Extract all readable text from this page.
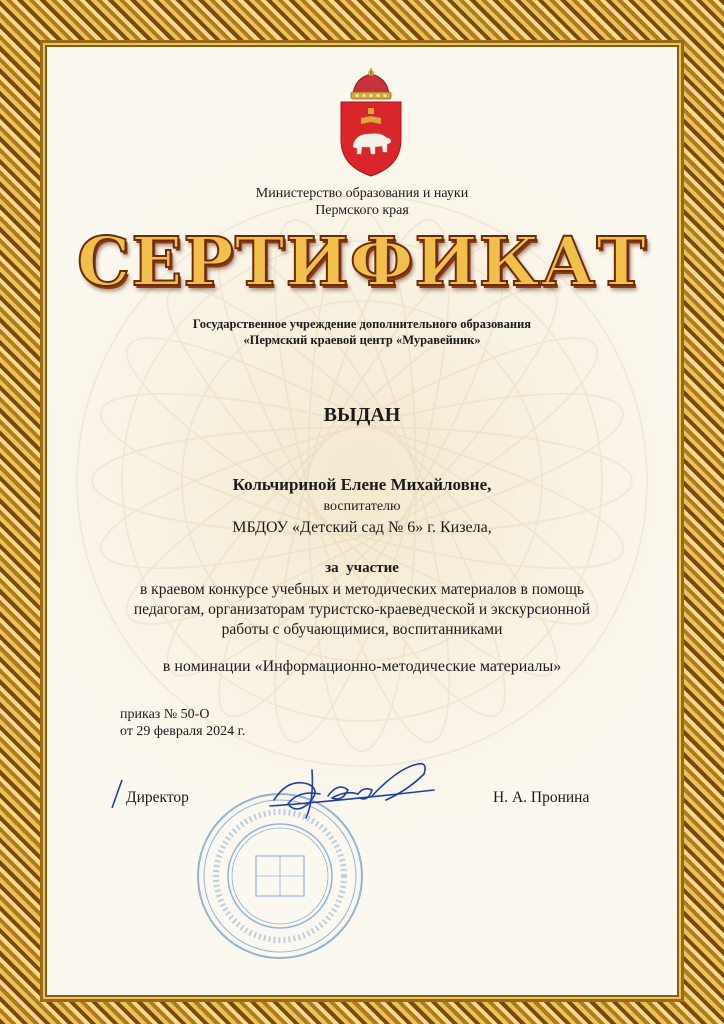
Министерство образования и науки
Пермского края
СЕРТИФИКАТ
Государственное учреждение дополнительного образования
«Пермский краевой центр «Муравейник»
ВЫДАН
Кольчириной Елене Михайловне,
воспитателю
МБДОУ «Детский сад № 6» г. Кизела,
за  участие
в краевом конкурсе учебных и методических материалов в помощь
педагогам, организаторам туристско-краеведческой и экскурсионной
работы с обучающимися, воспитанниками
в номинации «Информационно-методические материалы»
приказ № 50-О
от 29 февраля 2024 г.
Директор	Н. А. Пронина
